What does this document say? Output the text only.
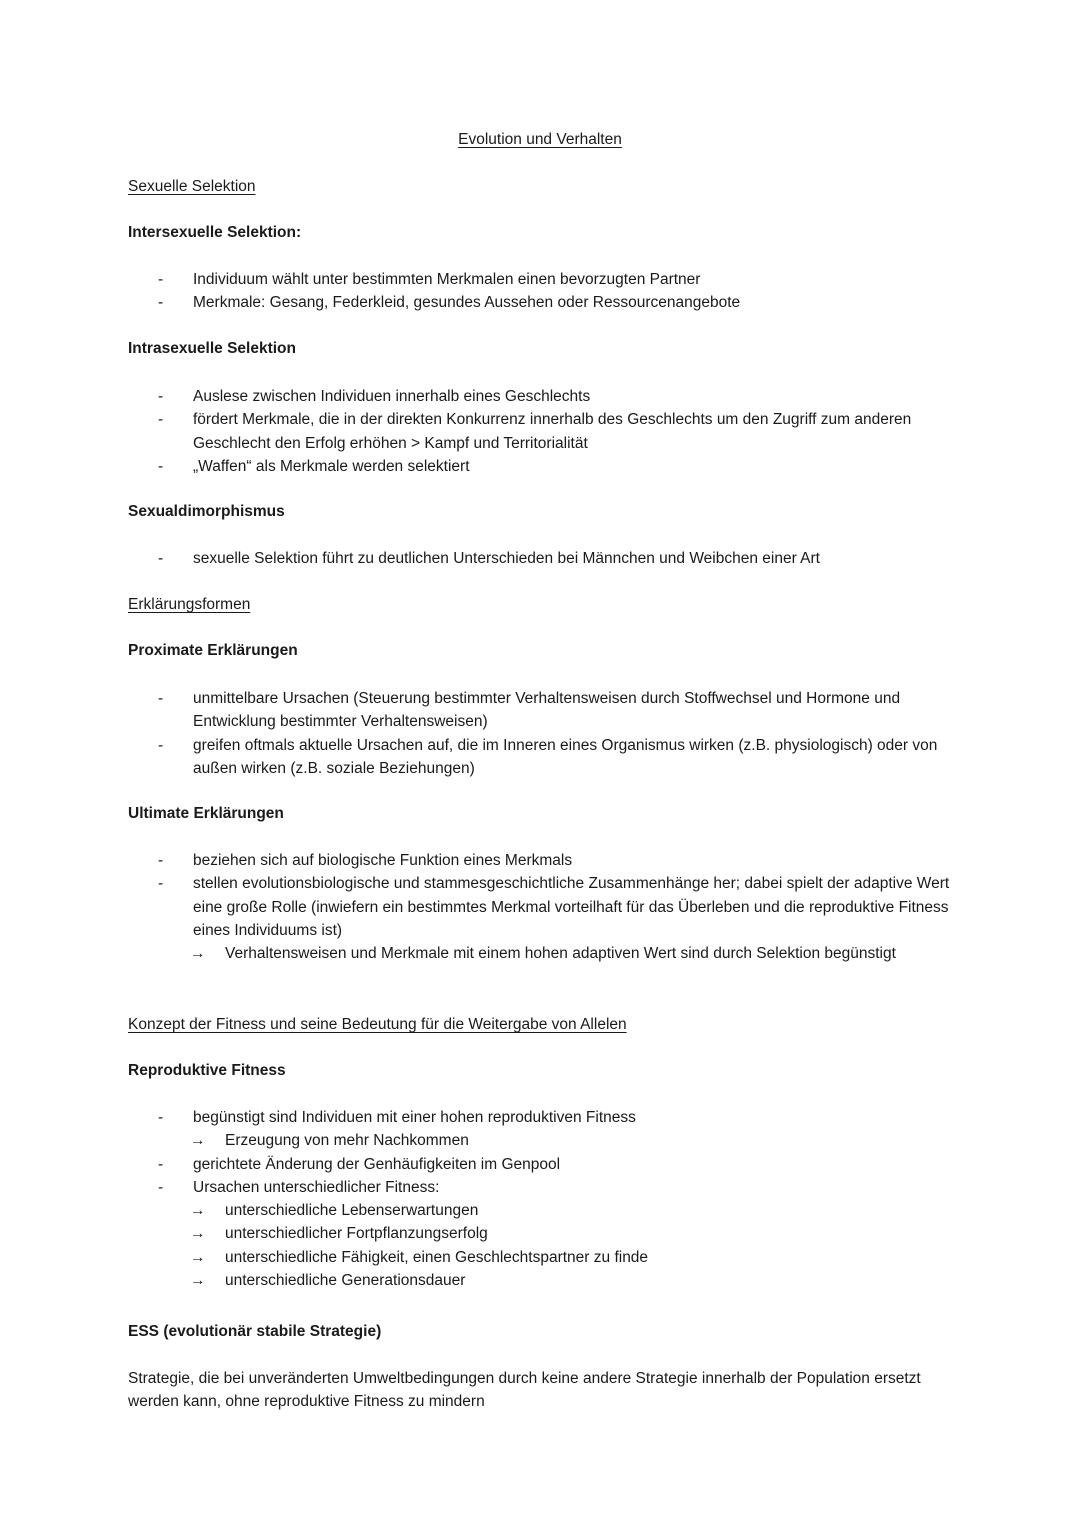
Evolution und Verhalten
Sexuelle Selektion
Intersexuelle Selektion:
- Individuum wählt unter bestimmten Merkmalen einen bevorzugten Partner
- Merkmale: Gesang, Federkleid, gesundes Aussehen oder Ressourcenangebote
Intrasexuelle Selektion
- Auslese zwischen Individuen innerhalb eines Geschlechts
- fördert Merkmale, die in der direkten Konkurrenz innerhalb des Geschlechts um den Zugriff zum anderen Geschlecht den Erfolg erhöhen > Kampf und Territorialität
- „Waffen“ als Merkmale werden selektiert
Sexualdimorphismus
- sexuelle Selektion führt zu deutlichen Unterschieden bei Männchen und Weibchen einer Art
Erklärungsformen
Proximate Erklärungen
- unmittelbare Ursachen (Steuerung bestimmter Verhaltensweisen durch Stoffwechsel und Hormone und Entwicklung bestimmter Verhaltensweisen)
- greifen oftmals aktuelle Ursachen auf, die im Inneren eines Organismus wirken (z.B. physiologisch) oder von außen wirken (z.B. soziale Beziehungen)
Ultimate Erklärungen
- beziehen sich auf biologische Funktion eines Merkmals
- stellen evolutionsbiologische und stammesgeschichtliche Zusammenhänge her; dabei spielt der adaptive Wert eine große Rolle (inwiefern ein bestimmtes Merkmal vorteilhaft für das Überleben und die reproduktive Fitness eines Individuums ist)
→ Verhaltensweisen und Merkmale mit einem hohen adaptiven Wert sind durch Selektion begünstigt
Konzept der Fitness und seine Bedeutung für die Weitergabe von Allelen
Reproduktive Fitness
- begünstigt sind Individuen mit einer hohen reproduktiven Fitness
→ Erzeugung von mehr Nachkommen
- gerichtete Änderung der Genhäufigkeiten im Genpool
- Ursachen unterschiedlicher Fitness:
→ unterschiedliche Lebenserwartungen
→ unterschiedlicher Fortpflanzungserfolg
→ unterschiedliche Fähigkeit, einen Geschlechtspartner zu finde
→ unterschiedliche Generationsdauer
ESS (evolutionär stabile Strategie)
Strategie, die bei unveränderten Umweltbedingungen durch keine andere Strategie innerhalb der Population ersetzt werden kann, ohne reproduktive Fitness zu mindern
